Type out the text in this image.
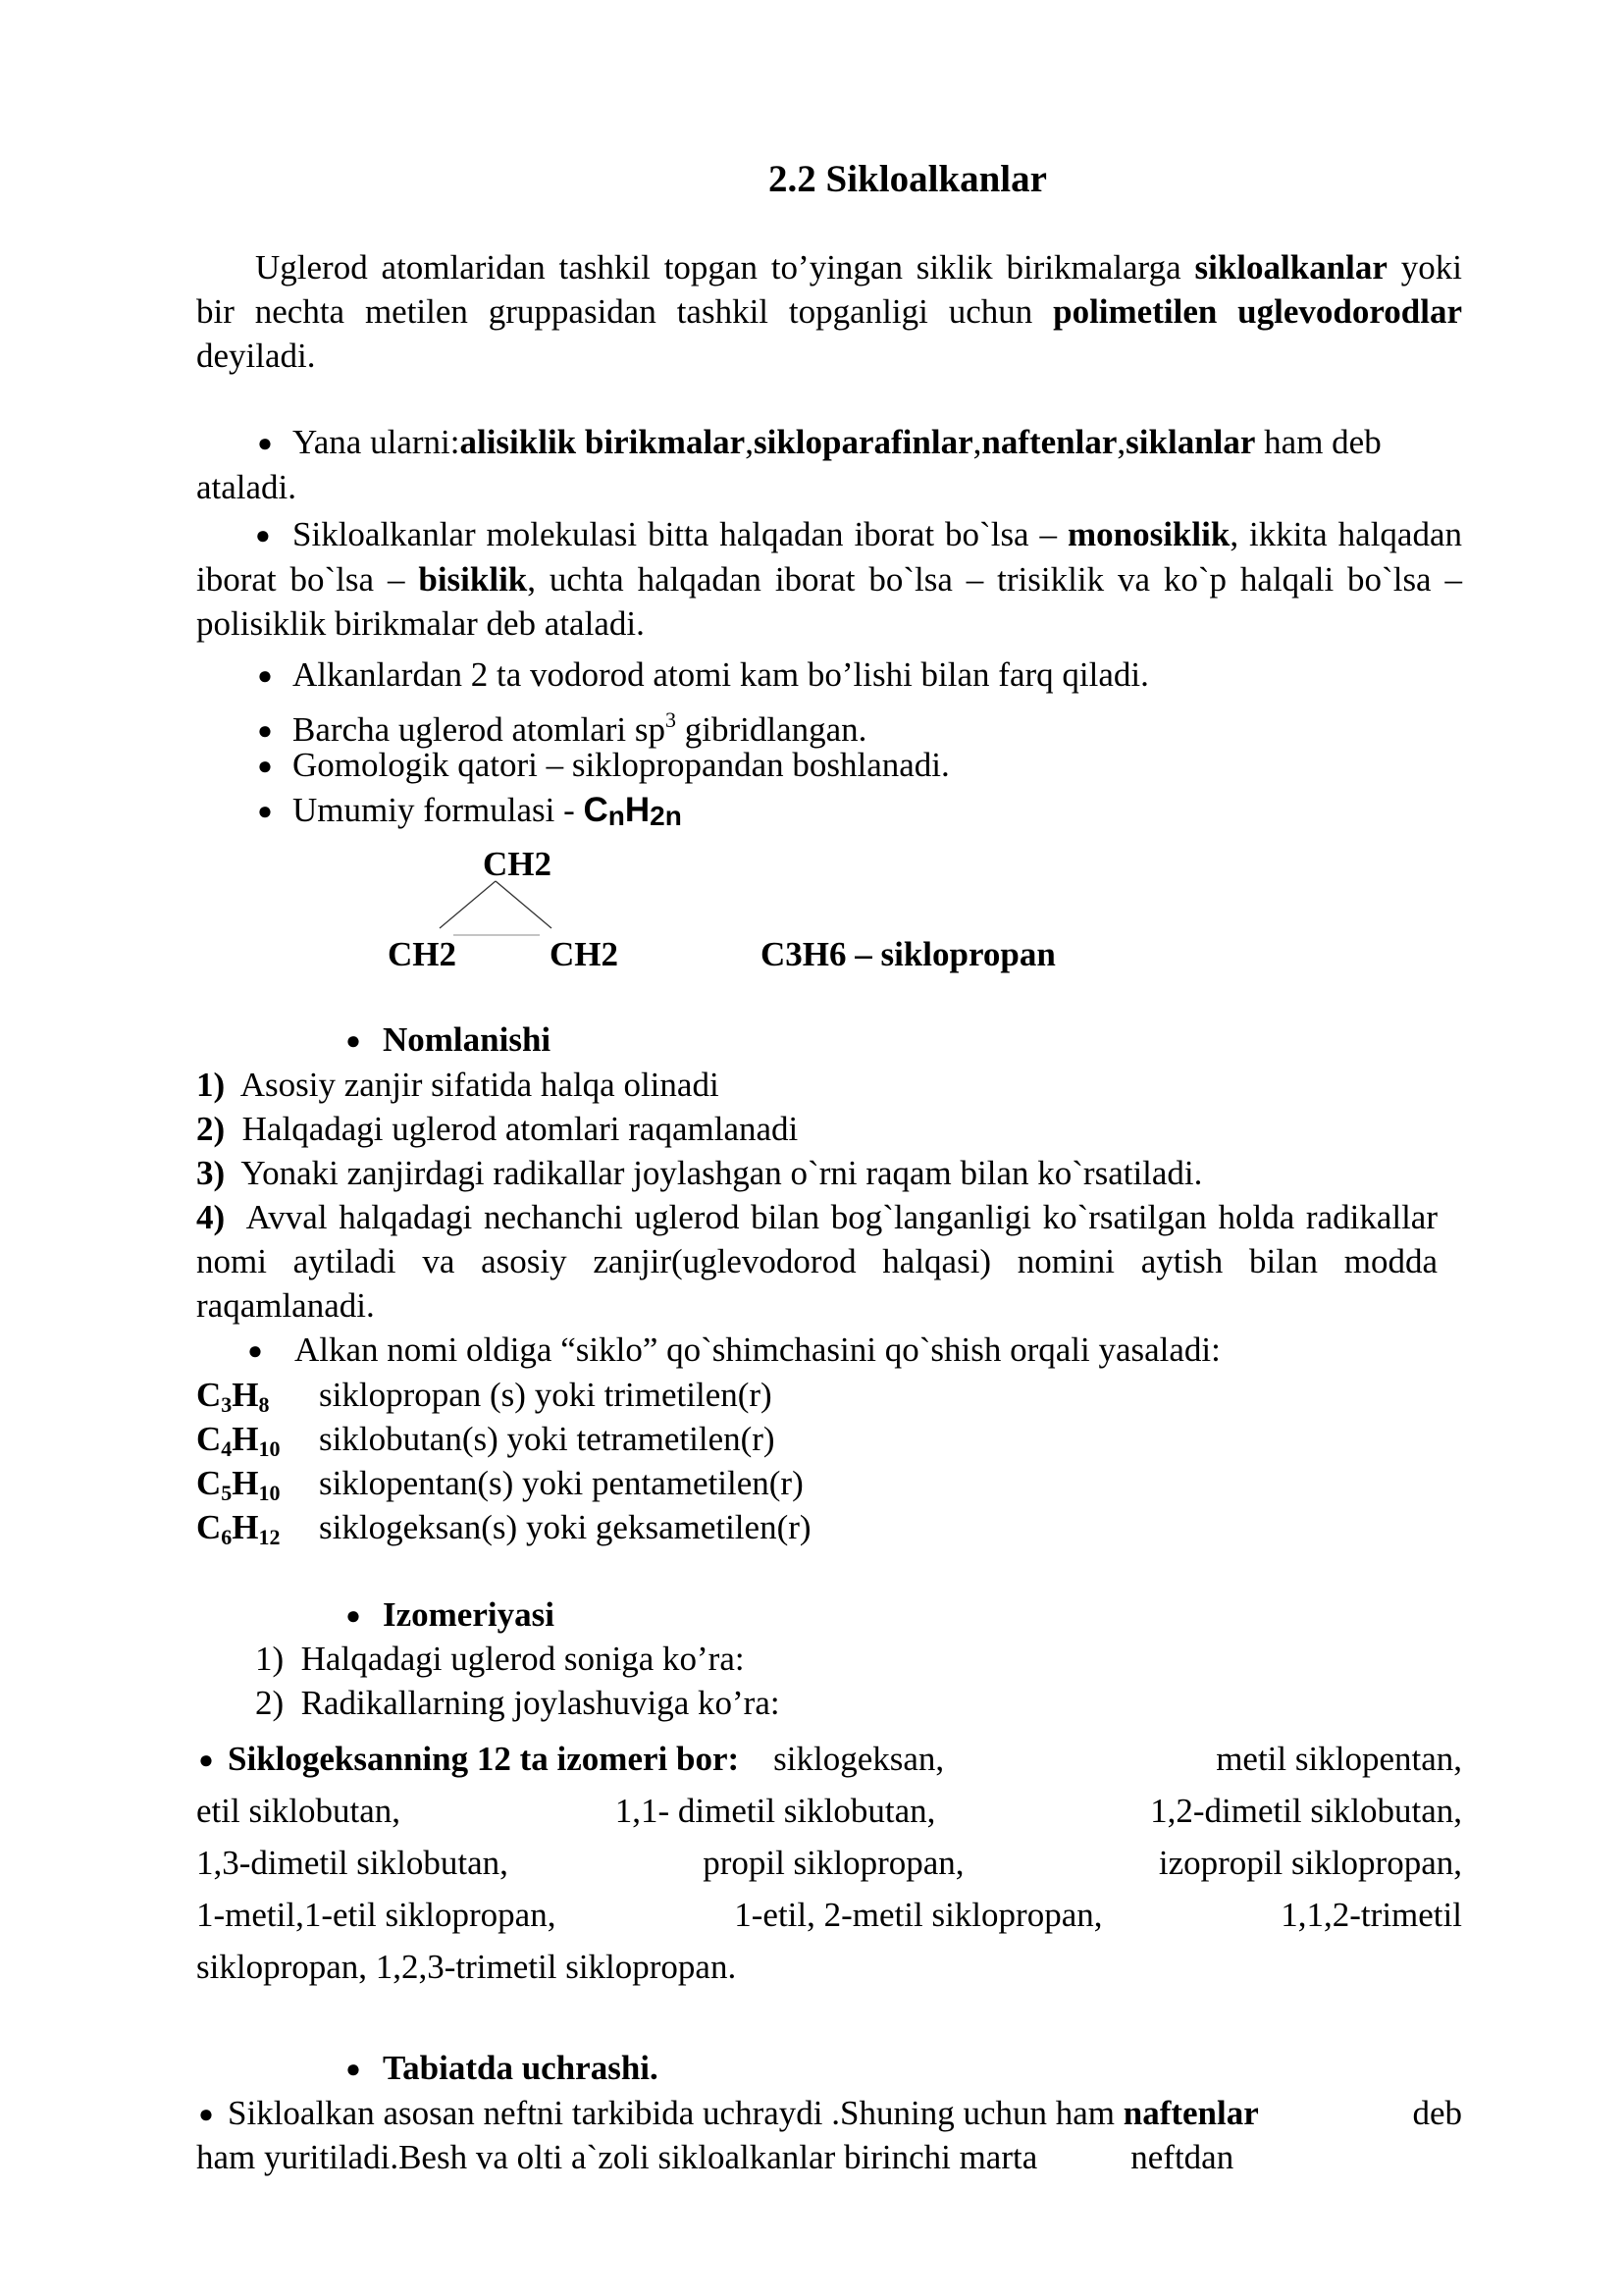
2.2 Sikloalkanlar
Uglerod atomlaridan tashkil topgan to’yingan siklik birikmalarga sikloalkanlar yoki bir nechta metilen gruppasidan tashkil topganligi uchun polimetilen uglevodorodlar deyiladi.
● Yana ularni:alisiklik birikmalar,sikloparafinlar,naftenlar,siklanlar ham deb ataladi.
● Sikloalkanlar molekulasi bitta halqadan iborat bo`lsa – monosiklik, ikkita halqadan iborat bo`lsa – bisiklik, uchta halqadan iborat bo`lsa – trisiklik va ko`p halqali bo`lsa – polisiklik birikmalar deb ataladi.
● Alkanlardan 2 ta vodorod atomi kam bo’lishi bilan farq qiladi.
● Barcha uglerod atomlari $sp^3$ gibridlangan.
● Gomologik qatori – siklopropandan boshlanadi.
● Umumiy formulasi - CnH2n
CH2
CH2	CH2	C3H6 – siklopropan
● Nomlanishi
1) Asosiy zanjir sifatida halqa olinadi
2) Halqadagi uglerod atomlari raqamlanadi
3) Yonaki zanjirdagi radikallar joylashgan o`rni raqam bilan ko`rsatiladi.
4) Avval halqadagi nechanchi uglerod bilan bog`langanligi ko`rsatilgan holda radikallar nomi aytiladi va asosiy zanjir(uglevodorod halqasi) nomini aytish bilan modda raqamlanadi.
● Alkan nomi oldiga “siklo” qo`shimchasini qo`shish orqali yasaladi:
$C_3H_8$ siklopropan (s) yoki trimetilen(r)
$C_4H_{10}$ siklobutan(s) yoki tetrametilen(r)
$C_5H_{10}$ siklopentan(s) yoki pentametilen(r)
$C_6H_{12}$ siklogeksan(s) yoki geksametilen(r)
● Izomeriyasi
1) Halqadagi uglerod soniga ko’ra:
2) Radikallarning joylashuviga ko’ra:
● Siklogeksanning 12 ta izomeri bor: siklogeksan,	metil siklopentan,
etil siklobutan,	1,1- dimetil siklobutan,	1,2-dimetil siklobutan,
1,3-dimetil siklobutan,	propil siklopropan,	izopropil siklopropan,
1-metil,1-etil siklopropan,	1-etil, 2-metil siklopropan,	1,1,2-trimetil
siklopropan, 1,2,3-trimetil siklopropan.
● Tabiatda uchrashi.
● Sikloalkan asosan neftni tarkibida uchraydi .Shuning uchun ham naftenlar	deb
ham yuritiladi.Besh va olti a`zoli sikloalkanlar birinchi marta	neftdan
